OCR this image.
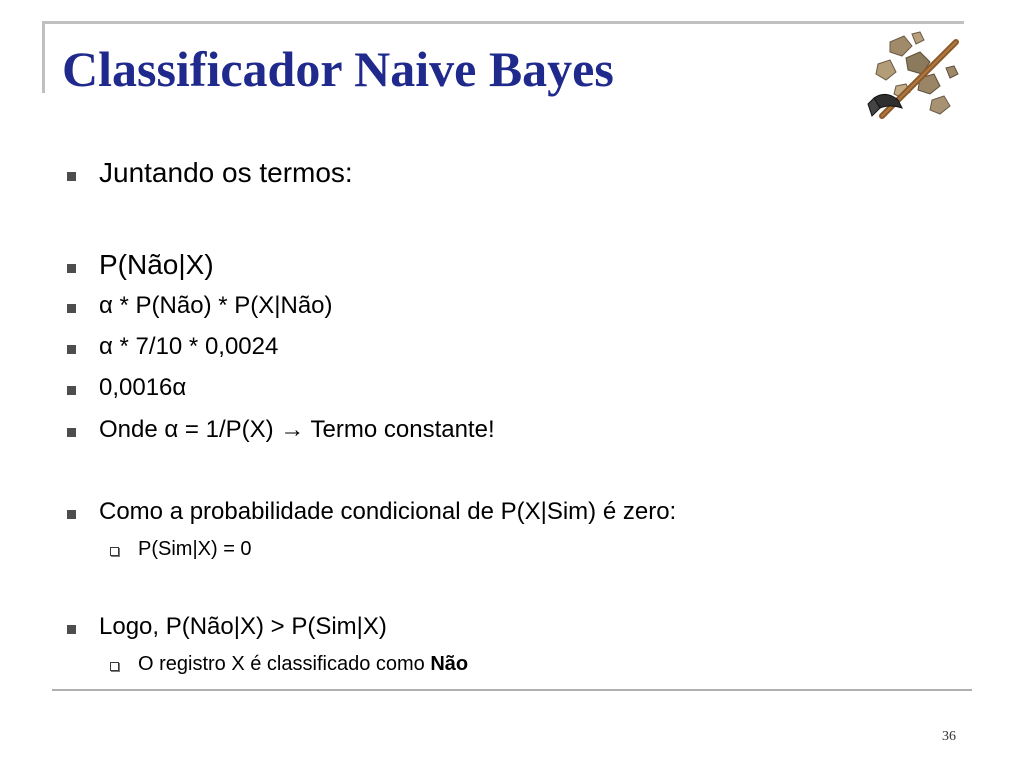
Classificador Naive Bayes
Juntando os termos:
P(Não|X)
α * P(Não) * P(X|Não)
α * 7/10 * 0,0024
0,0016α
Onde α = 1/P(X) → Termo constante!
Como a probabilidade condicional de P(X|Sim) é zero:
P(Sim|X) = 0
Logo, P(Não|X) > P(Sim|X)
O registro X é classificado como Não
36
